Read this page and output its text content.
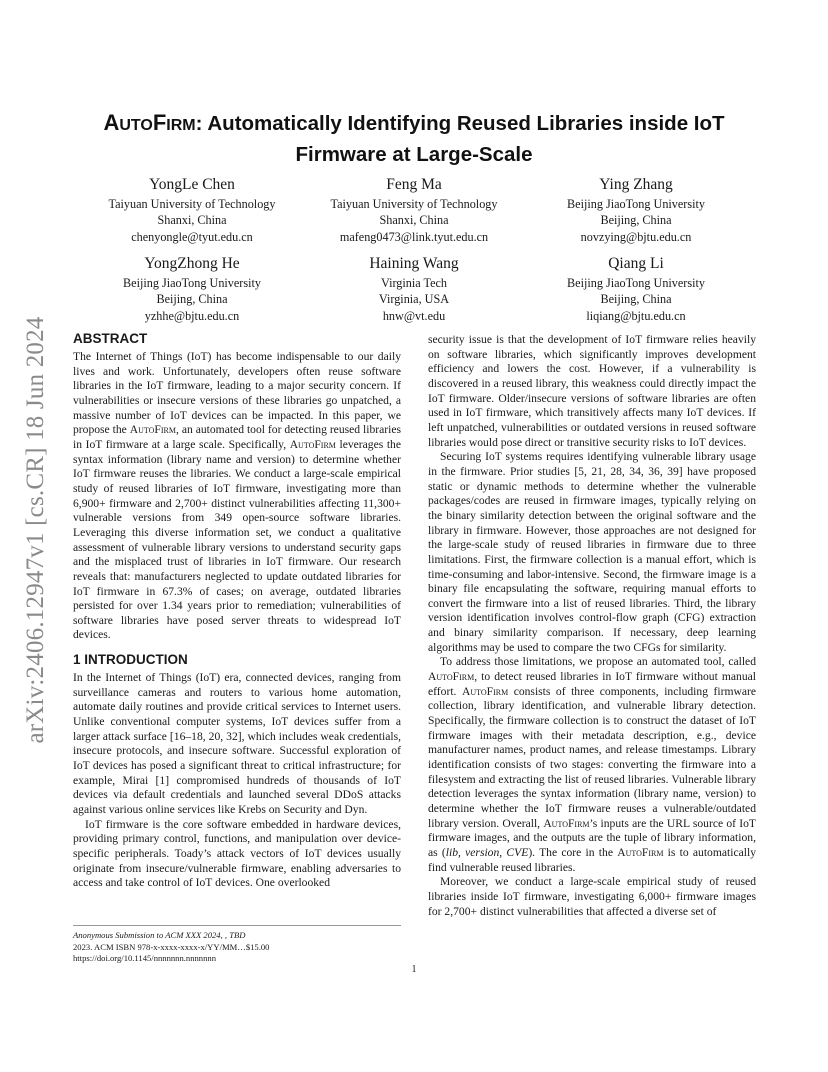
arXiv:2406.12947v1 [cs.CR] 18 Jun 2024
AUTOFIRM: Automatically Identifying Reused Libraries inside IoT
Firmware at Large-Scale
YongLe Chen
Taiyuan University of Technology
Shanxi, China
chenyongle@tyut.edu.cn
Feng Ma
Taiyuan University of Technology
Shanxi, China
mafeng0473@link.tyut.edu.cn
Ying Zhang
Beijing JiaoTong University
Beijing, China
novzying@bjtu.edu.cn
YongZhong He
Beijing JiaoTong University
Beijing, China
yzhhe@bjtu.edu.cn
Haining Wang
Virginia Tech
Virginia, USA
hnw@vt.edu
Qiang Li
Beijing JiaoTong University
Beijing, China
liqiang@bjtu.edu.cn
ABSTRACT

The Internet of Things (IoT) has become indispensable to our daily lives and work. Unfortunately, developers often reuse software libraries in the IoT firmware, leading to a major security concern. If vulnerabilities or insecure versions of these libraries go unpatched, a massive number of IoT devices can be impacted. In this paper, we propose the AutoFirm, an automated tool for detecting reused libraries in IoT firmware at a large scale. Specifically, AutoFirm leverages the syntax information (library name and version) to determine whether IoT firmware reuses the libraries. We conduct a large-scale empirical study of reused libraries of IoT firmware, investigating more than 6,900+ firmware and 2,700+ distinct vulnerabilities affecting 11,300+ vulnerable versions from 349 open-source software libraries. Leveraging this diverse information set, we conduct a qualitative assessment of vulnerable library versions to understand security gaps and the misplaced trust of libraries in IoT firmware. Our research reveals that: manufacturers neglected to update outdated libraries for IoT firmware in 67.3% of cases; on average, outdated libraries persisted for over 1.34 years prior to remediation; vulnerabilities of software libraries have posed server threats to widespread IoT devices.

1 INTRODUCTION

In the Internet of Things (IoT) era, connected devices, ranging from surveillance cameras and routers to various home automation, automate daily routines and provide critical services to Internet users. Unlike conventional computer systems, IoT devices suffer from a larger attack surface [16–18, 20, 32], which includes weak credentials, insecure protocols, and insecure software. Successful exploration of IoT devices has posed a significant threat to critical infrastructure; for example, Mirai [1] compromised hundreds of thousands of IoT devices via default credentials and launched several DDoS attacks against various online services like Krebs on Security and Dyn.

IoT firmware is the core software embedded in hardware devices, providing primary control, functions, and manipulation over device-specific peripherals. Toady’s attack vectors of IoT devices usually originate from insecure/vulnerable firmware, enabling adversaries to access and take control of IoT devices. One overlooked

security issue is that the development of IoT firmware relies heavily on software libraries, which significantly improves development efficiency and lowers the cost. However, if a vulnerability is discovered in a reused library, this weakness could directly impact the IoT firmware. Older/insecure versions of software libraries are often used in IoT firmware, which transitively affects many IoT devices. If left unpatched, vulnerabilities or outdated versions in reused software libraries would pose direct or transitive security risks to IoT devices.

Securing IoT systems requires identifying vulnerable library usage in the firmware. Prior studies [5, 21, 28, 34, 36, 39] have proposed static or dynamic methods to determine whether the vulnerable packages/codes are reused in firmware images, typically relying on the binary similarity detection between the original software and the library in firmware. However, those approaches are not designed for the large-scale study of reused libraries in firmware due to three limitations. First, the firmware collection is a manual effort, which is time-consuming and labor-intensive. Second, the firmware image is a binary file encapsulating the software, requiring manual efforts to convert the firmware into a list of reused libraries. Third, the library version identification involves control-flow graph (CFG) extraction and binary similarity comparison. If necessary, deep learning algorithms may be used to compare the two CFGs for similarity.

To address those limitations, we propose an automated tool, called AutoFirm, to detect reused libraries in IoT firmware without manual effort. AutoFirm consists of three components, including firmware collection, library identification, and vulnerable library detection. Specifically, the firmware collection is to construct the dataset of IoT firmware images with their metadata description, e.g., device manufacturer names, product names, and release timestamps. Library identification consists of two stages: converting the firmware into a filesystem and extracting the list of reused libraries. Vulnerable library detection leverages the syntax information (library name, version) to determine whether the IoT firmware reuses a vulnerable/outdated library version. Overall, AutoFirm’s inputs are the URL source of IoT firmware images, and the outputs are the tuple of library information, as (lib, version, CVE). The core in the AutoFirm is to automatically find vulnerable reused libraries.

Moreover, we conduct a large-scale empirical study of reused libraries inside IoT firmware, investigating 6,000+ firmware images for 2,700+ distinct vulnerabilities that affected a diverse set of

Anonymous Submission to ACM XXX 2024, , TBD
2023. ACM ISBN 978-x-xxxx-xxxx-x/YY/MM…$15.00
https://doi.org/10.1145/nnnnnnn.nnnnnnn
1
